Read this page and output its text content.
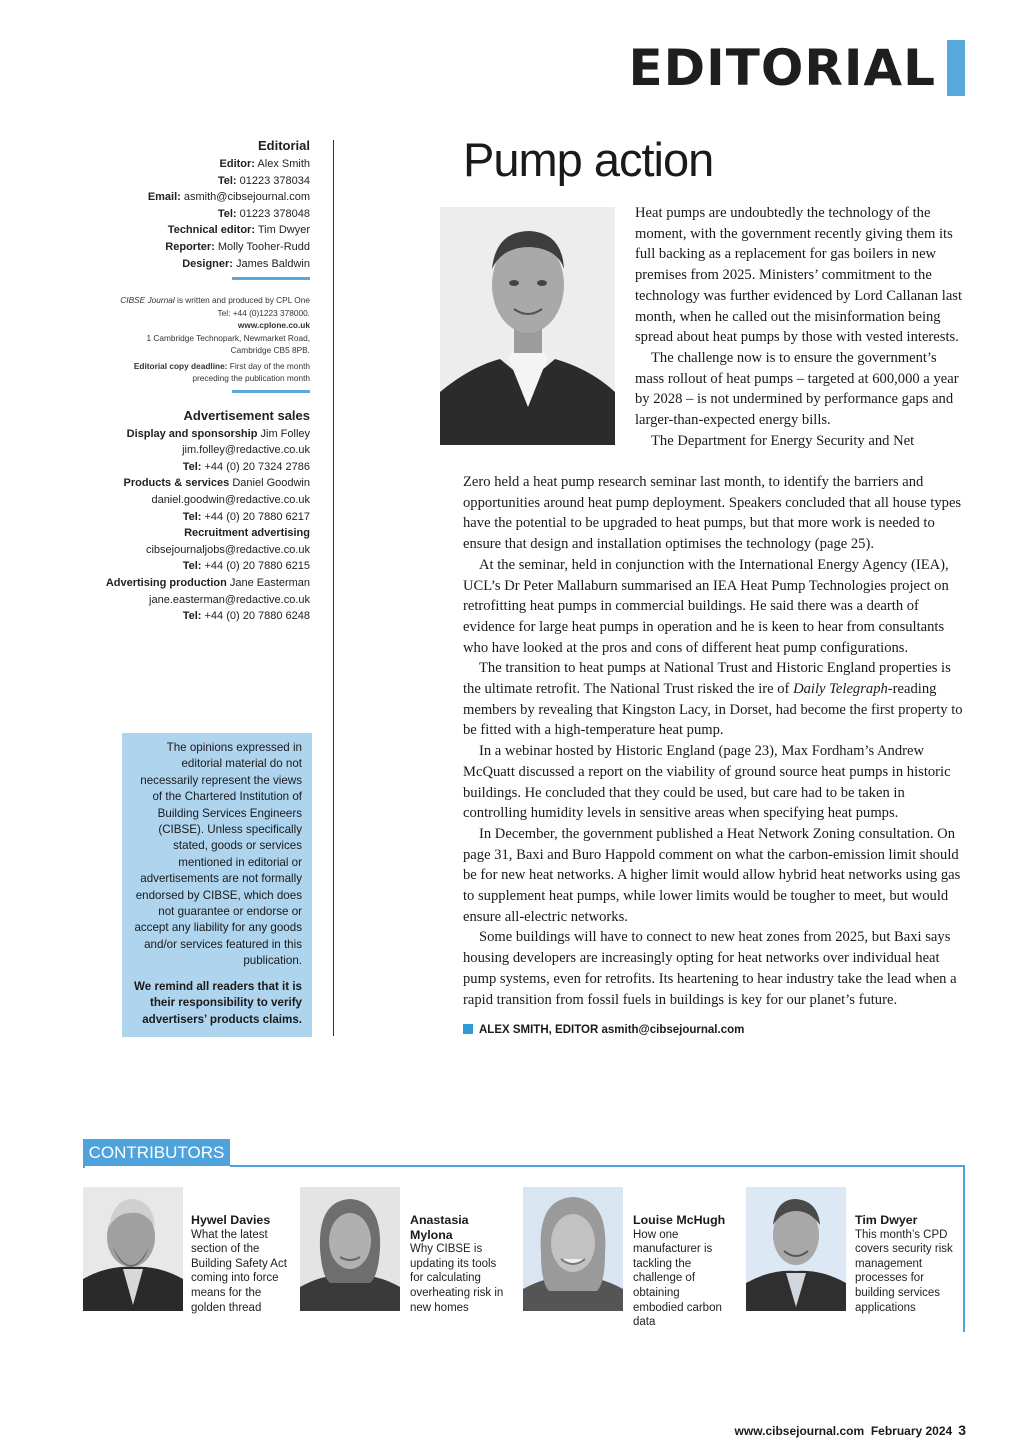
EDITORIAL
Editorial
Editor: Alex Smith
Tel: 01223 378034
Email: asmith@cibsejournal.com
Tel: 01223 378048
Technical editor: Tim Dwyer
Reporter: Molly Tooher-Rudd
Designer: James Baldwin
CIBSE Journal is written and produced by CPL One
Tel: +44 (0)1223 378000.
www.cplone.co.uk
1 Cambridge Technopark, Newmarket Road,
Cambridge CB5 8PB.
Editorial copy deadline: First day of the month
preceding the publication month
Advertisement sales
Display and sponsorship Jim Folley
jim.folley@redactive.co.uk
Tel: +44 (0) 20 7324 2786
Products & services Daniel Goodwin
daniel.goodwin@redactive.co.uk
Tel: +44 (0) 20 7880 6217
Recruitment advertising
cibsejournaljobs@redactive.co.uk
Tel: +44 (0) 20 7880 6215
Advertising production Jane Easterman
jane.easterman@redactive.co.uk
Tel: +44 (0) 20 7880 6248
The opinions expressed in editorial material do not necessarily represent the views of the Chartered Institution of Building Services Engineers (CIBSE). Unless specifically stated, goods or services mentioned in editorial or advertisements are not formally endorsed by CIBSE, which does not guarantee or endorse or accept any liability for any goods and/or services featured in this publication.
We remind all readers that it is their responsibility to verify advertisers’ products claims.
Pump action

Heat pumps are undoubtedly the technology of the moment, with the government recently giving them its full backing as a replacement for gas boilers in new premises from 2025. Ministers’ commitment to the technology was further evidenced by Lord Callanan last month, when he called out the misinformation being spread about heat pumps by those with vested interests.

The challenge now is to ensure the government’s mass rollout of heat pumps – targeted at 600,000 a year by 2028 – is not undermined by performance gaps and larger-than-expected energy bills.

The Department for Energy Security and Net

Zero held a heat pump research seminar last month, to identify the barriers and opportunities around heat pump deployment. Speakers concluded that all house types have the potential to be upgraded to heat pumps, but that more work is needed to ensure that design and installation optimises the technology (page 25).

At the seminar, held in conjunction with the International Energy Agency (IEA), UCL’s Dr Peter Mallaburn summarised an IEA Heat Pump Technologies project on retrofitting heat pumps in commercial buildings. He said there was a dearth of evidence for large heat pumps in operation and he is keen to hear from consultants who have looked at the pros and cons of different heat pump configurations.

The transition to heat pumps at National Trust and Historic England properties is the ultimate retrofit. The National Trust risked the ire of Daily Telegraph-reading members by revealing that Kingston Lacy, in Dorset, had become the first property to be fitted with a high-temperature heat pump.

In a webinar hosted by Historic England (page 23), Max Fordham’s Andrew McQuatt discussed a report on the viability of ground source heat pumps in historic buildings. He concluded that they could be used, but care had to be taken in controlling humidity levels in sensitive areas when specifying heat pumps.

In December, the government published a Heat Network Zoning consultation. On page 31, Baxi and Buro Happold comment on what the carbon-emission limit should be for new heat networks. A higher limit would allow hybrid heat networks using gas to supplement heat pumps, while lower limits would be tougher to meet, but would ensure all-electric networks.

Some buildings will have to connect to new heat zones from 2025, but Baxi says housing developers are increasingly opting for heat networks over individual heat pump systems, even for retrofits. Its heartening to hear industry take the lead when a rapid transition from fossil fuels in buildings is key for our planet’s future.

ALEX SMITH, EDITOR asmith@cibsejournal.com
CONTRIBUTORS
Hywel Davies
What the latest section of the Building Safety Act coming into force means for the golden thread
Anastasia Mylona
Why CIBSE is updating its tools for calculating overheating risk in new homes
Louise McHugh
How one manufacturer is tackling the challenge of obtaining embodied carbon data
Tim Dwyer
This month’s CPD covers security risk management processes for building services applications
www.cibsejournal.com February 2024 3
